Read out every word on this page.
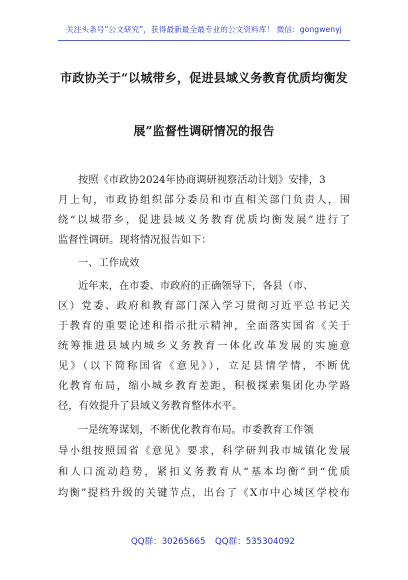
关注头条号“公文研究”，获得最新最全最专业的公文资料库！ 微信：gongwenyj
市政协关于“以城带乡，促进县域义务教育优质均衡发
展”监督性调研情况的报告
按照《市政协2024年协商调研视察活动计划》安排，3
月上旬，市政协组织部分委员和市直相关部门负责人，围
绕“以城带乡，促进县域义务教育优质均衡发展”进行了
监督性调研。现将情况报告如下：
一、工作成效
近年来，在市委、市政府的正确领导下，各县（市、
区）党委、政府和教育部门深入学习贯彻习近平总书记关
于教育的重要论述和指示批示精神，全面落实国省《关于
统筹推进县域内城乡义务教育一体化改革发展的实施意
见》（以下简称国省《意见》），立足县情学情，不断优
化教育布局，缩小城乡教育差距，积极探索集团化办学路
径，有效提升了县域义务教育整体水平。
一是统筹谋划，不断优化教育布局。市委教育工作领
导小组按照国省《意见》要求，科学研判我市城镇化发展
和人口流动趋势，紧扣义务教育从“基本均衡”到“优质
均衡”提档升级的关键节点，出台了《X市中心城区学校布
QQ群：30265665 QQ群：535304092
